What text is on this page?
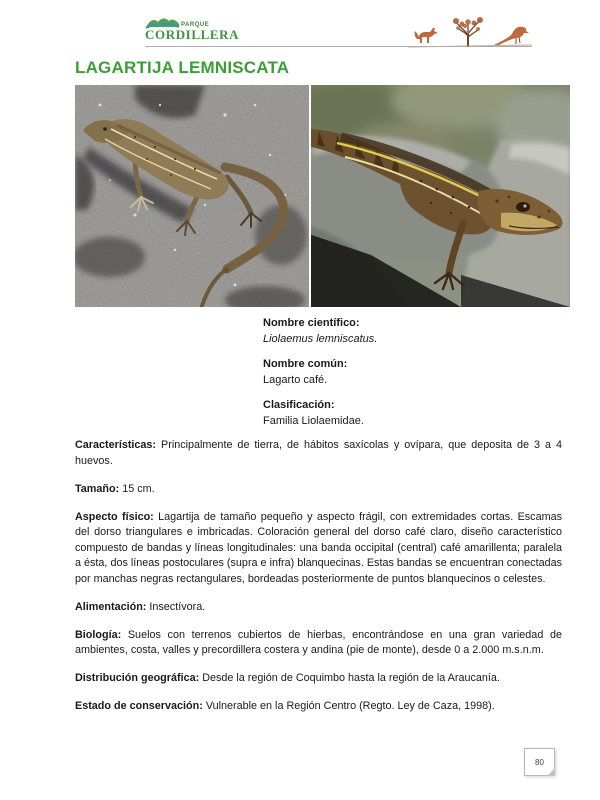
PARQUE
CORDILLERA
LAGARTIJA LEMNISCATA
Nombre científico:
Liolaemus lemniscatus.
Nombre común:
Lagarto café.
Clasificación:
Familia Liolaemidae.

Características: Principalmente de tierra, de hábitos saxícolas y ovípara, que deposita de 3 a 4 huevos.

Tamaño: 15 cm.

Aspecto físico: Lagartija de tamaño pequeño y aspecto frágil, con extremidades cortas. Escamas del dorso triangulares e imbricadas. Coloración general del dorso café claro, diseño característico compuesto de bandas y líneas longitudinales: una banda occipital (central) café amarillenta; paralela a ésta, dos líneas postoculares (supra e infra) blanquecinas. Estas bandas se encuentran conectadas por manchas negras rectangulares, bordeadas posteriormente de puntos blanquecinos o celestes.

Alimentación: Insectívora.

Biología: Suelos con terrenos cubiertos de hierbas, encontrándose en una gran variedad de ambientes, costa, valles y precordillera costera y andina (pie de monte), desde 0 a 2.000 m.s.n.m.

Distribución geográfica: Desde la región de Coquimbo hasta la región de la Araucanía.

Estado de conservación: Vulnerable en la Región Centro (Regto. Ley de Caza, 1998).

80
